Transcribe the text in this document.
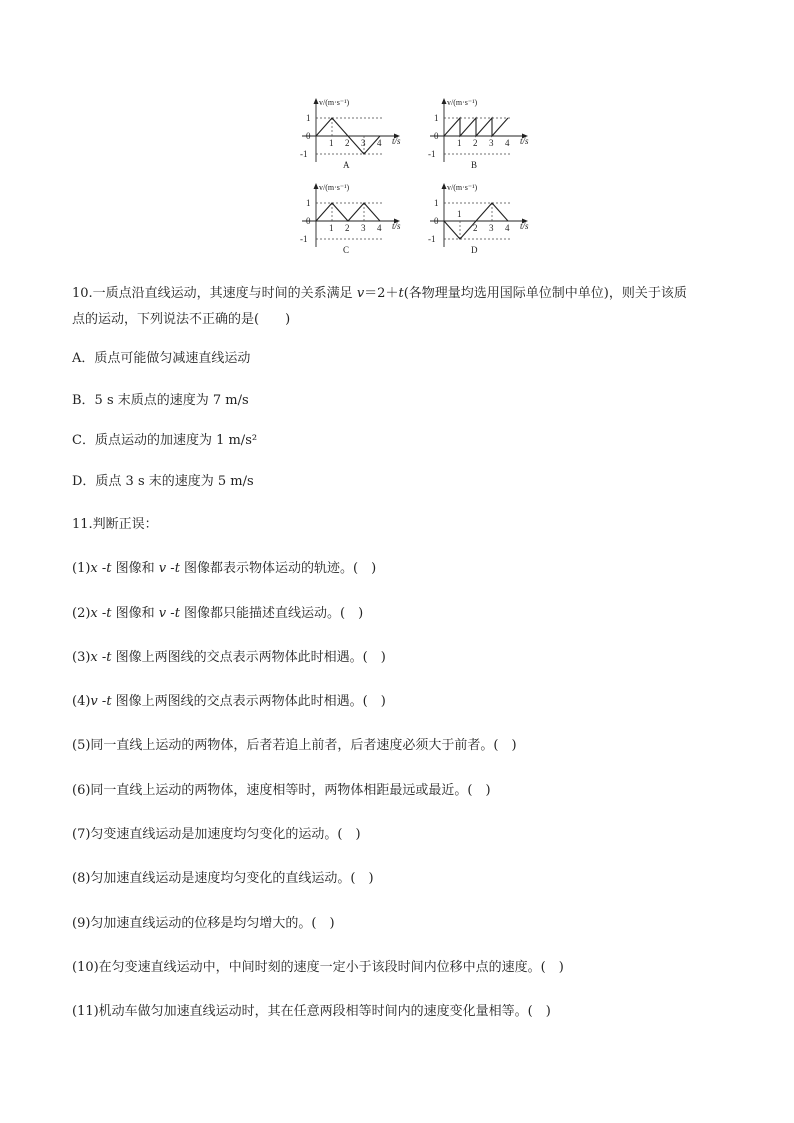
v/(m·s⁻¹)
t/s
1
0
-1
1 2 3 4
A
v/(m·s⁻¹)
t/s
1
0
-1
1 2 3 4
B
v/(m·s⁻¹)
t/s
1
0
-1
1 2 3 4
C
v/(m·s⁻¹)
t/s
1
0
-1
1
2 3 4
D
10.一质点沿直线运动，其速度与时间的关系满足 v＝2＋t(各物理量均选用国际单位制中单位)，则关于该质
点的运动，下列说法不正确的是(　　)
A．质点可能做匀减速直线运动
B．5 s 末质点的速度为 7 m/s
C．质点运动的加速度为 1 m/s²
D．质点 3 s 末的速度为 5 m/s
11.判断正误：
(1)x -t 图像和 v -t 图像都表示物体运动的轨迹。(　)
(2)x -t 图像和 v -t 图像都只能描述直线运动。(　)
(3)x -t 图像上两图线的交点表示两物体此时相遇。(　)
(4)v -t 图像上两图线的交点表示两物体此时相遇。(　)
(5)同一直线上运动的两物体，后者若追上前者，后者速度必须大于前者。(　)
(6)同一直线上运动的两物体，速度相等时，两物体相距最远或最近。(　)
(7)匀变速直线运动是加速度均匀变化的运动。(　)
(8)匀加速直线运动是速度均匀变化的直线运动。(　)
(9)匀加速直线运动的位移是均匀增大的。(　)
(10)在匀变速直线运动中，中间时刻的速度一定小于该段时间内位移中点的速度。(　)
(11)机动车做匀加速直线运动时，其在任意两段相等时间内的速度变化量相等。(　)
